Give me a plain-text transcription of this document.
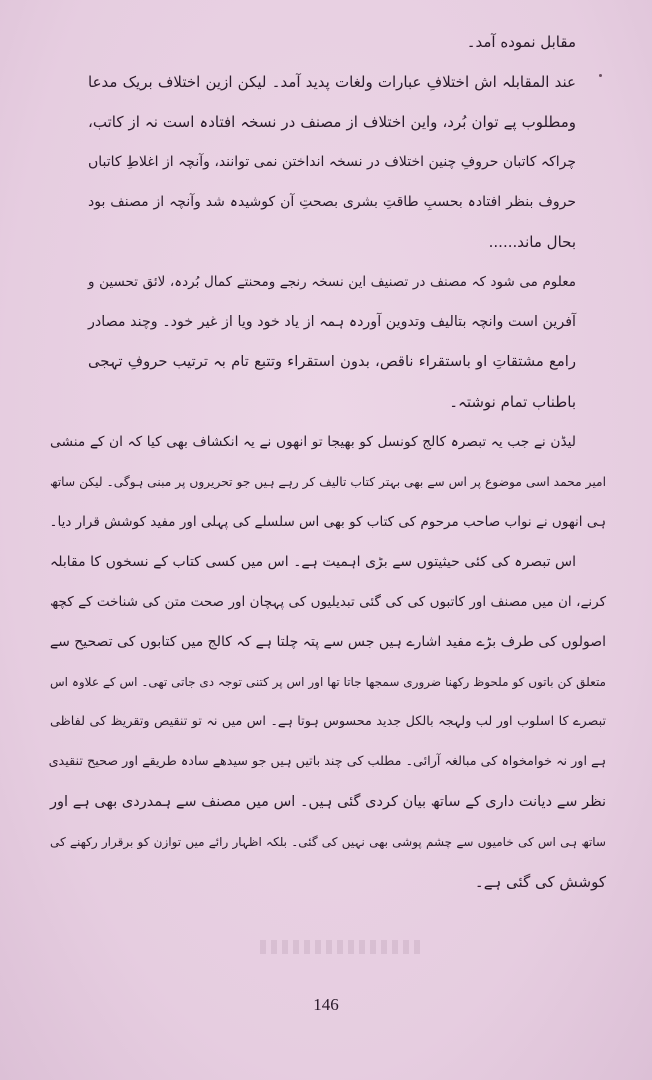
مقابل نموده آمد۔
عند المقابلہ اش اختلافِ عبارات ولغات پدید آمد۔ لیکن ازین اختلاف بریک مدعا
ومطلوب پے توان بُرد، واین اختلاف از مصنف در نسخہ افتادہ است نہ از کاتب،
چراکہ کاتبان حروفِ چنین اختلاف در نسخہ انداختن نمی توانند، وآنچہ از اغلاطِ کاتباں
حروف بنظر افتادہ بحسبِ طاقتِ بشری بصحتِ آن کوشیدہ شد وآنچہ از مصنف بود
بحال ماند......
معلوم می شود کہ مصنف در تصنیف این نسخہ رنجے ومحنتے کمال بُردہ، لائق تحسین و
آفرین است وانچہ بتالیف وتدوین آوردہ ہمہ از یاد خود ویا از غیر خود۔ وچند مصادر
رامع مشتقاتِ او باستقراء ناقص، بدون استقراء وتتبع تام بہ ترتیب حروفِ تہجی
باطناب تمام نوشتہ۔
لیڈن نے جب یہ تبصرہ کالج کونسل کو بھیجا تو انھوں نے یہ انکشاف بھی کیا کہ ان کے منشی
امیر محمد اسی موضوع پر اس سے بھی بہتر کتاب تالیف کر رہے ہیں جو تحریروں پر مبنی ہوگی۔ لیکن ساتھ
ہی انھوں نے نواب صاحب مرحوم کی کتاب کو بھی اس سلسلے کی پہلی اور مفید کوشش قرار دیا۔
اس تبصرہ کی کئی حیثیتوں سے بڑی اہمیت ہے۔ اس میں کسی کتاب کے نسخوں کا مقابلہ
کرنے، ان میں مصنف اور کاتبوں کی کی گئی تبدیلیوں کی پہچان اور صحت متن کی شناخت کے کچھ
اصولوں کی طرف بڑے مفید اشارے ہیں جس سے پتہ چلتا ہے کہ کالج میں کتابوں کی تصحیح سے
متعلق کن باتوں کو ملحوظ رکھنا ضروری سمجھا جاتا تھا اور اس پر کتنی توجہ دی جاتی تھی۔ اس کے علاوہ اس
تبصرے کا اسلوب اور لب ولہجہ بالکل جدید محسوس ہوتا ہے۔ اس میں نہ تو تنقیص وتقریظ کی لفاظی
ہے اور نہ خوامخواہ کی مبالغہ آرائی۔ مطلب کی چند باتیں ہیں جو سیدھے سادہ طریقے اور صحیح تنقیدی
نظر سے دیانت داری کے ساتھ بیان کردی گئی ہیں۔ اس میں مصنف سے ہمدردی بھی ہے اور
ساتھ ہی اس کی خامیوں سے چشم پوشی بھی نہیں کی گئی۔ بلکہ اظہار رائے میں توازن کو برقرار رکھنے کی
کوشش کی گئی ہے۔
146
